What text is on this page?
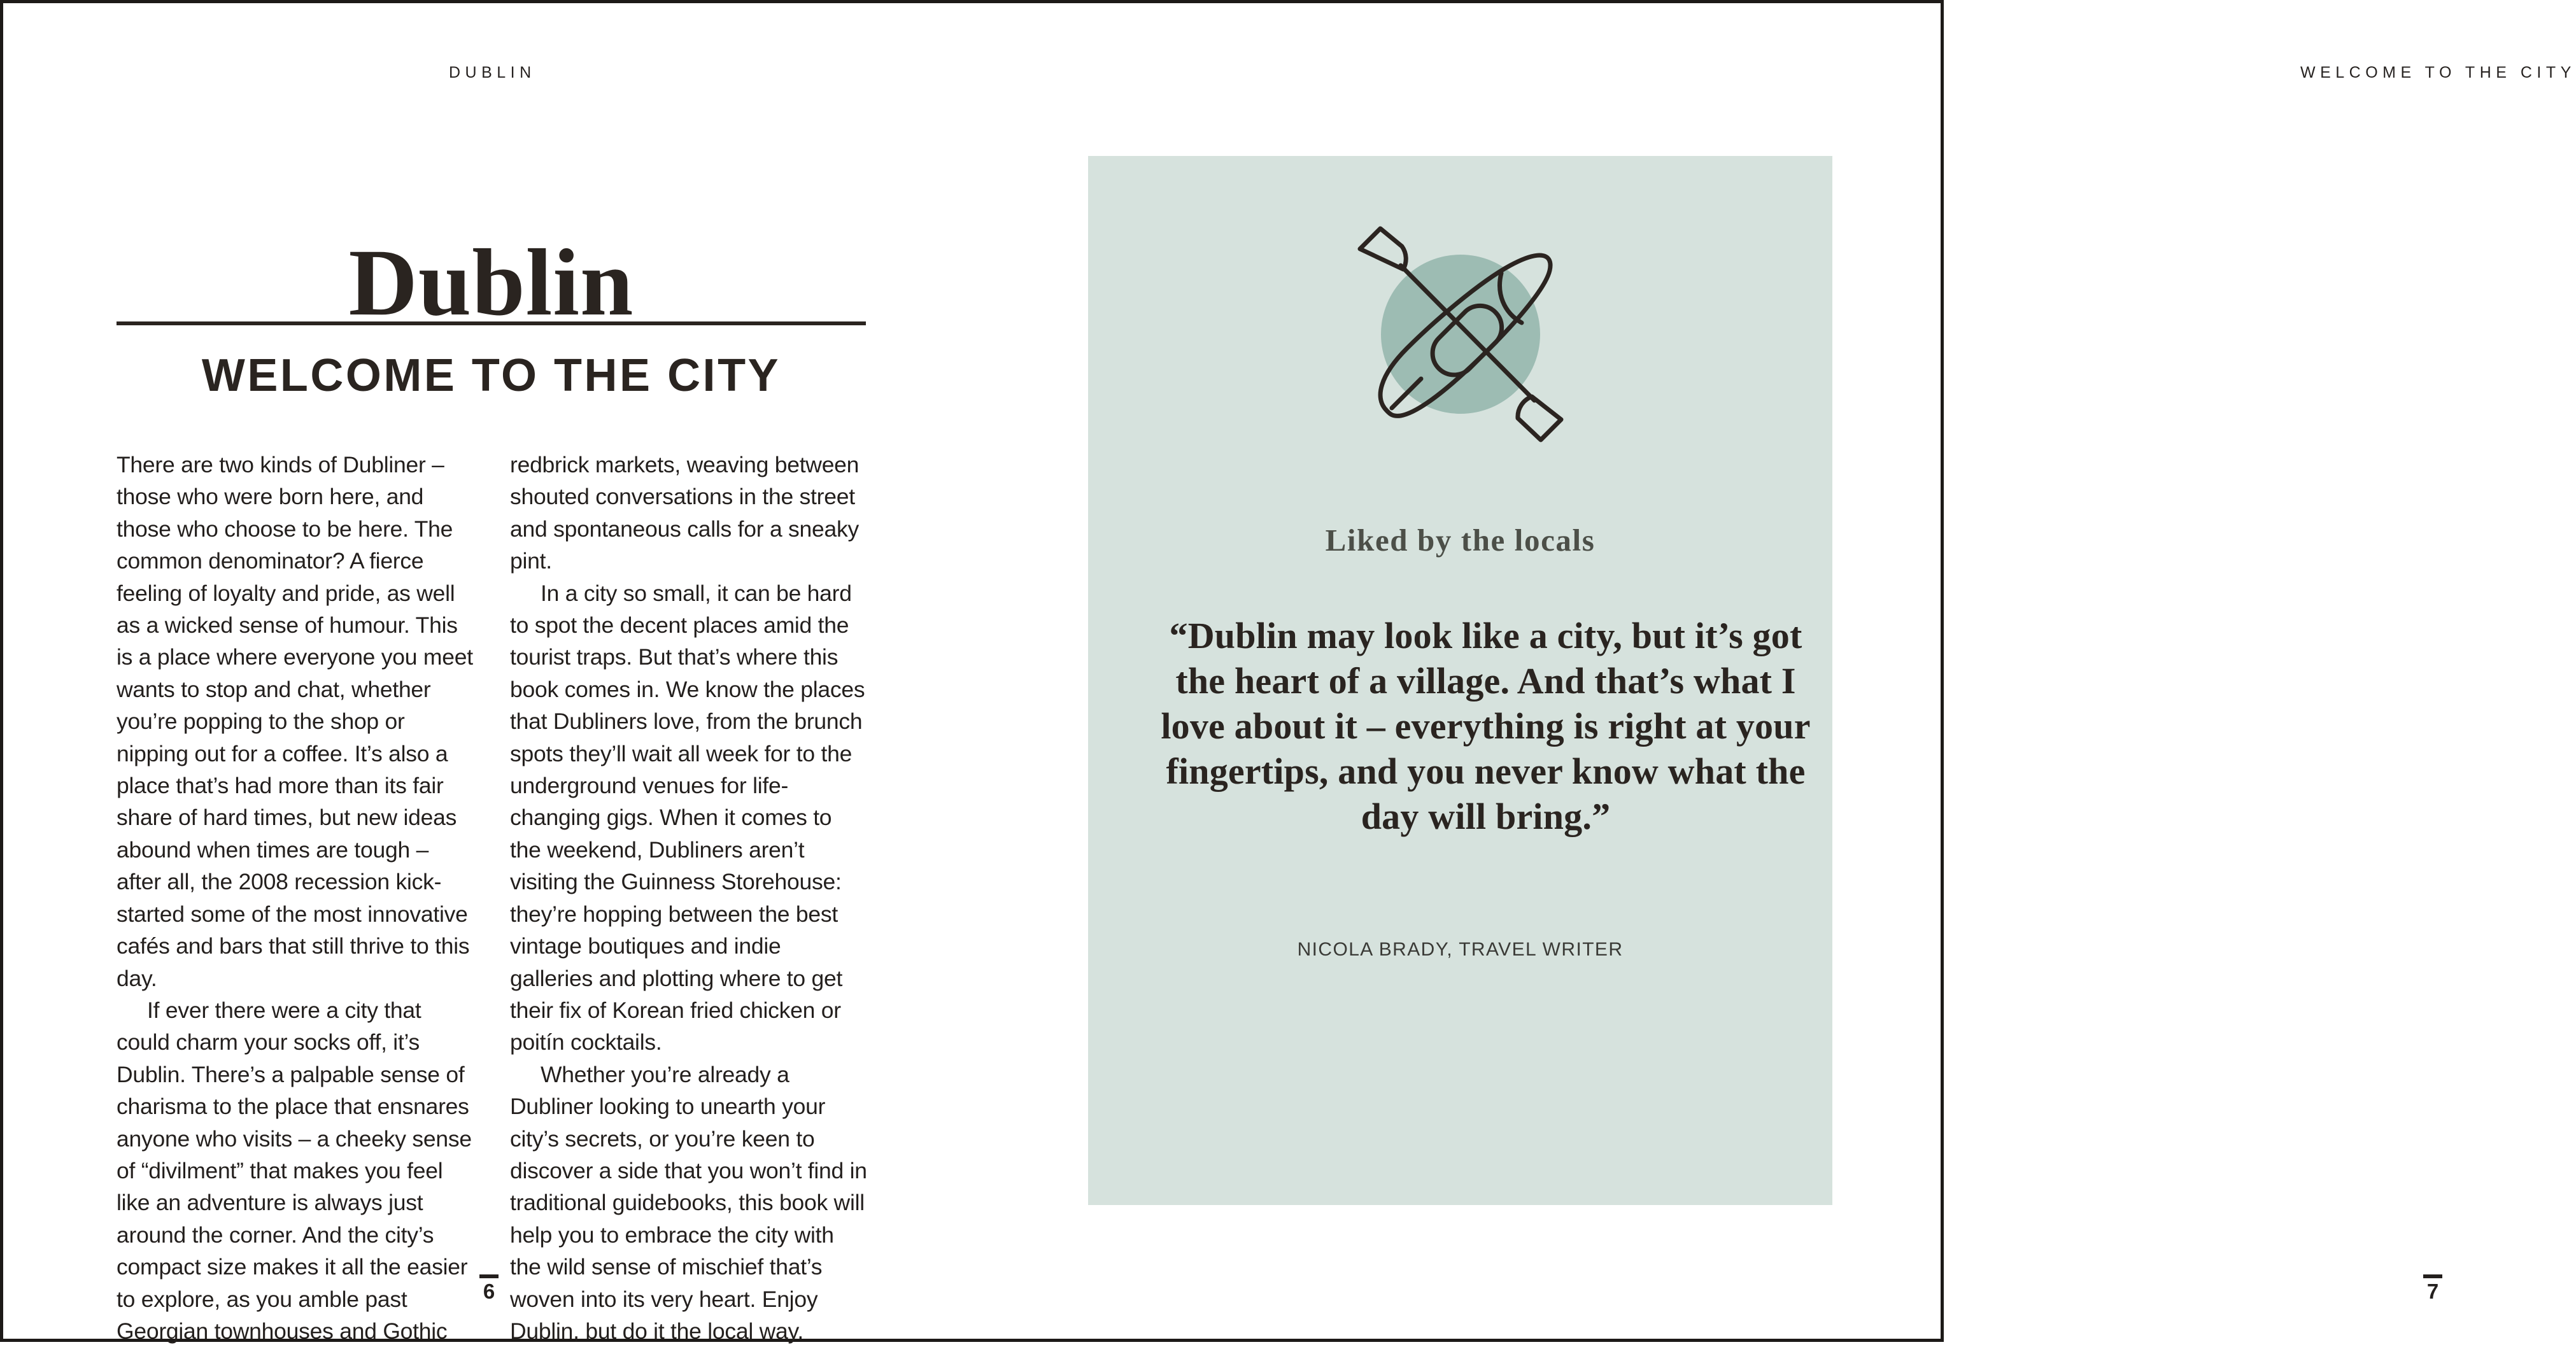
DUBLIN
Dublin
WELCOME TO THE CITY

There are two kinds of Dubliner – those who were born here, and those who choose to be here. The common denominator? A fierce feeling of loyalty and pride, as well as a wicked sense of humour. This is a place where everyone you meet wants to stop and chat, whether you’re popping to the shop or nipping out for a coffee. It’s also a place that’s had more than its fair share of hard times, but new ideas abound when times are tough – after all, the 2008 recession kick-started some of the most innovative cafés and bars that still thrive to this day.

If ever there were a city that could charm your socks off, it’s Dublin. There’s a palpable sense of charisma to the place that ensnares anyone who visits – a cheeky sense of “divilment” that makes you feel like an adventure is always just around the corner. And the city’s compact size makes it all the easier to explore, as you amble past Georgian townhouses and Gothic

redbrick markets, weaving between shouted conversations in the street and spontaneous calls for a sneaky pint.

In a city so small, it can be hard to spot the decent places amid the tourist traps. But that’s where this book comes in. We know the places that Dubliners love, from the brunch spots they’ll wait all week for to the underground venues for life-changing gigs. When it comes to the weekend, Dubliners aren’t visiting the Guinness Storehouse: they’re hopping between the best vintage boutiques and indie galleries and plotting where to get their fix of Korean fried chicken or poitín cocktails.

Whether you’re already a Dubliner looking to unearth your city’s secrets, or you’re keen to discover a side that you won’t find in traditional guidebooks, this book will help you to embrace the city with the wild sense of mischief that’s woven into its very heart. Enjoy Dublin, but do it the local way.

6
WELCOME TO THE CITY
Liked by the locals
“Dublin may look like a city, but it’s got the heart of a village. And that’s what I love about it – everything is right at your fingertips, and you never know what the day will bring.”
NICOLA BRADY, TRAVEL WRITER
7
